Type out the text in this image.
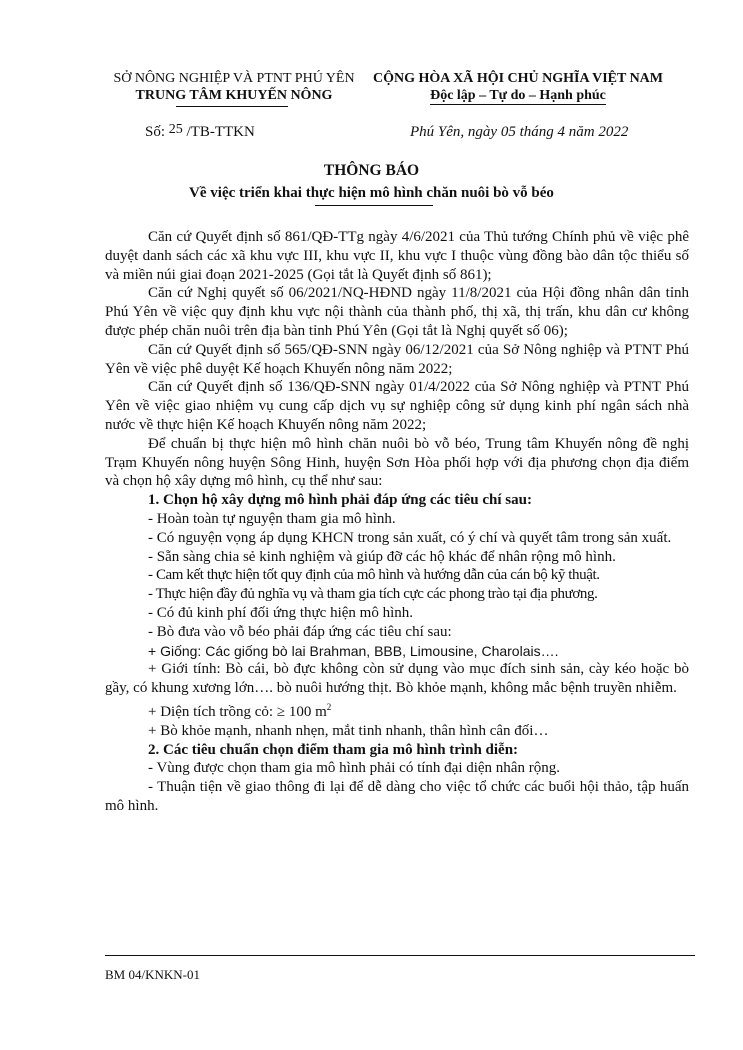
SỞ NÔNG NGHIỆP VÀ PTNT PHÚ YÊN
TRUNG TÂM KHUYẾN NÔNG
CỘNG HÒA XÃ HỘI CHỦ NGHĨA VIỆT NAM
Độc lập – Tự do – Hạnh phúc
Số: 25 /TB-TTKN	Phú Yên, ngày 05 tháng 4 năm 2022
THÔNG BÁO
Về việc triển khai thực hiện mô hình chăn nuôi bò vỗ béo

Căn cứ Quyết định số 861/QĐ-TTg ngày 4/6/2021 của Thủ tướng Chính phủ về việc phê duyệt danh sách các xã khu vực III, khu vực II, khu vực I thuộc vùng đồng bào dân tộc thiểu số và miền núi giai đoạn 2021-2025 (Gọi tắt là Quyết định số 861);

Căn cứ Nghị quyết số 06/2021/NQ-HĐND ngày 11/8/2021 của Hội đồng nhân dân tỉnh Phú Yên về việc quy định khu vực nội thành của thành phố, thị xã, thị trấn, khu dân cư không được phép chăn nuôi trên địa bàn tỉnh Phú Yên (Gọi tắt là Nghị quyết số 06);

Căn cứ Quyết định số 565/QĐ-SNN ngày 06/12/2021 của Sở Nông nghiệp và PTNT Phú Yên về việc phê duyệt Kế hoạch Khuyến nông năm 2022;

Căn cứ Quyết định số 136/QĐ-SNN ngày 01/4/2022 của Sở Nông nghiệp và PTNT Phú Yên về việc giao nhiệm vụ cung cấp dịch vụ sự nghiệp công sử dụng kinh phí ngân sách nhà nước về thực hiện Kế hoạch Khuyến nông năm 2022;

Để chuẩn bị thực hiện mô hình chăn nuôi bò vỗ béo, Trung tâm Khuyến nông đề nghị Trạm Khuyến nông huyện Sông Hinh, huyện Sơn Hòa phối hợp với địa phương chọn địa điểm và chọn hộ xây dựng mô hình, cụ thể như sau:

1. Chọn hộ xây dựng mô hình phải đáp ứng các tiêu chí sau:

- Hoàn toàn tự nguyện tham gia mô hình.

- Có nguyện vọng áp dụng KHCN trong sản xuất, có ý chí và quyết tâm trong sản xuất.

- Sẵn sàng chia sẻ kinh nghiệm và giúp đỡ các hộ khác để nhân rộng mô hình.

- Cam kết thực hiện tốt quy định của mô hình và hướng dẫn của cán bộ kỹ thuật.

- Thực hiện đầy đủ nghĩa vụ và tham gia tích cực các phong trào tại địa phương.

- Có đủ kinh phí đối ứng thực hiện mô hình.

- Bò đưa vào vỗ béo phải đáp ứng các tiêu chí sau:

+ Giống: Các giống bò lai Brahman, BBB, Limousine, Charolais….

+ Giới tính: Bò cái, bò đực không còn sử dụng vào mục đích sinh sản, cày kéo hoặc bò gầy, có khung xương lớn…. bò nuôi hướng thịt. Bò khỏe mạnh, không mắc bệnh truyền nhiễm.

+ Diện tích trồng cỏ: ≥ 100 $m^2$

+ Bò khỏe mạnh, nhanh nhẹn, mắt tinh nhanh, thân hình cân đối…

2. Các tiêu chuẩn chọn điểm tham gia mô hình trình diễn:

- Vùng được chọn tham gia mô hình phải có tính đại diện nhân rộng.

- Thuận tiện về giao thông đi lại để dễ dàng cho việc tổ chức các buổi hội thảo, tập huấn mô hình.

BM 04/KNKN-01
